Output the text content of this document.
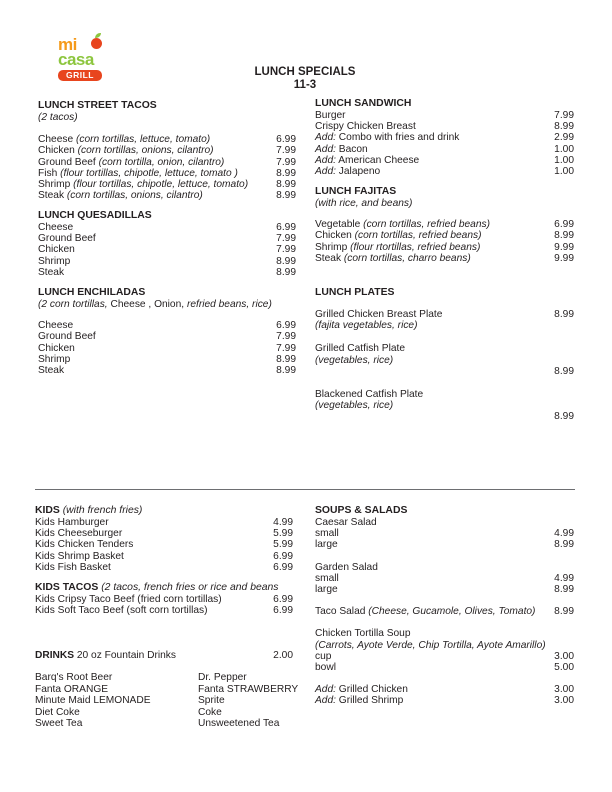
mi
casa
GRILL	LUNCH SPECIALS
11-3
LUNCH STREET TACOS
(2 tacos)
Cheese (corn tortillas, lettuce, tomato)	6.99
Chicken (corn tortillas, onions, cilantro)	7.99
Ground Beef (corn tortilla, onion, cilantro)	7.99
Fish (flour tortillas, chipotle, lettuce, tomato )	8.99
Shrimp (flour tortillas, chipotle, lettuce, tomato)	8.99
Steak (corn tortillas, onions, cilantro)	8.99
LUNCH QUESADILLAS
Cheese	6.99
Ground Beef	7.99
Chicken	7.99
Shrimp	8.99
Steak	8.99
LUNCH ENCHILADAS
(2 corn tortillas, Cheese , Onion, refried beans, rice)
Cheese	6.99
Ground Beef	7.99
Chicken	7.99
Shrimp	8.99
Steak	8.99
LUNCH SANDWICH
Burger	7.99
Crispy Chicken Breast	8.99
Add: Combo with fries and drink	2.99
Add: Bacon	1.00
Add: American Cheese	1.00
Add: Jalapeno	1.00
LUNCH FAJITAS
(with rice, and beans)
Vegetable (corn tortillas, refried beans)	6.99
Chicken (corn tortillas, refried beans)	8.99
Shrimp (flour rtortillas, refried beans)	9.99
Steak (corn tortillas, charro beans)	9.99
LUNCH PLATES
Grilled Chicken Breast Plate	8.99
(fajita vegetables, rice)
Grilled Catfish Plate
(vegetables, rice)
8.99
Blackened Catfish Plate
(vegetables, rice)
8.99
KIDS (with french fries)
Kids Hamburger	4.99
Kids Cheeseburger	5.99
Kids Chicken Tenders	5.99
Kids Shrimp Basket	6.99
Kids Fish Basket	6.99
KIDS TACOS (2 tacos, french fries or rice and beans
Kids Cripsy Taco Beef (fried corn tortillas)	6.99
Kids Soft Taco Beef (soft corn tortillas)	6.99
DRINKS 20 oz Fountain Drinks	2.00
Barq's Root Beer	Dr. Pepper
Fanta ORANGE	Fanta STRAWBERRY
Minute Maid LEMONADE	Sprite
Diet Coke	Coke
Sweet Tea	Unsweetened Tea
SOUPS & SALADS
Caesar Salad
small	4.99
large	8.99
Garden Salad
small	4.99
large	8.99
Taco Salad (Cheese, Gucamole, Olives, Tomato) 8.99
Chicken Tortilla Soup
(Carrots, Ayote Verde, Chip Tortilla, Ayote Amarillo)
cup	3.00
bowl	5.00
Add: Grilled Chicken	3.00
Add: Grilled Shrimp	3.00
